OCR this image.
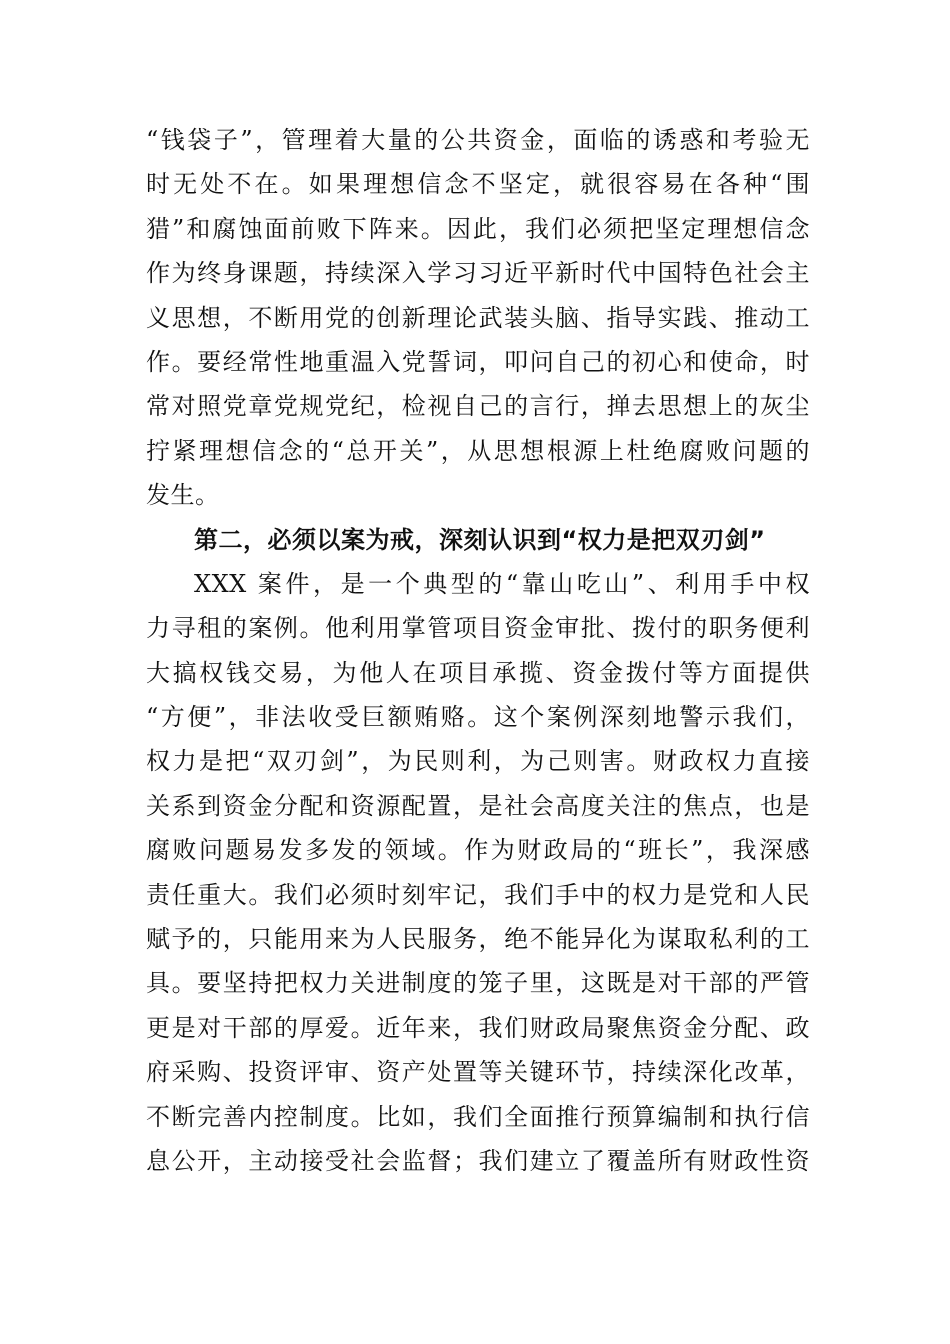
“钱袋子”，管理着大量的公共资金，面临的诱惑和考验无
时无处不在。如果理想信念不坚定，就很容易在各种“围
猎”和腐蚀面前败下阵来。因此，我们必须把坚定理想信念
作为终身课题，持续深入学习习近平新时代中国特色社会主
义思想，不断用党的创新理论武装头脑、指导实践、推动工
作。要经常性地重温入党誓词，叩问自己的初心和使命，时
常对照党章党规党纪，检视自己的言行，掸去思想上的灰尘
拧紧理想信念的“总开关”，从思想根源上杜绝腐败问题的
发生。
第二，必须以案为戒，深刻认识到“权力是把双刃剑”
XXX 案件，是一个典型的“靠山吃山”、利用手中权
力寻租的案例。他利用掌管项目资金审批、拨付的职务便利
大搞权钱交易，为他人在项目承揽、资金拨付等方面提供
“方便”，非法收受巨额贿赂。这个案例深刻地警示我们，
权力是把“双刃剑”，为民则利，为己则害。财政权力直接
关系到资金分配和资源配置，是社会高度关注的焦点，也是
腐败问题易发多发的领域。作为财政局的“班长”，我深感
责任重大。我们必须时刻牢记，我们手中的权力是党和人民
赋予的，只能用来为人民服务，绝不能异化为谋取私利的工
具。要坚持把权力关进制度的笼子里，这既是对干部的严管
更是对干部的厚爱。近年来，我们财政局聚焦资金分配、政
府采购、投资评审、资产处置等关键环节，持续深化改革，
不断完善内控制度。比如，我们全面推行预算编制和执行信
息公开，主动接受社会监督；我们建立了覆盖所有财政性资
